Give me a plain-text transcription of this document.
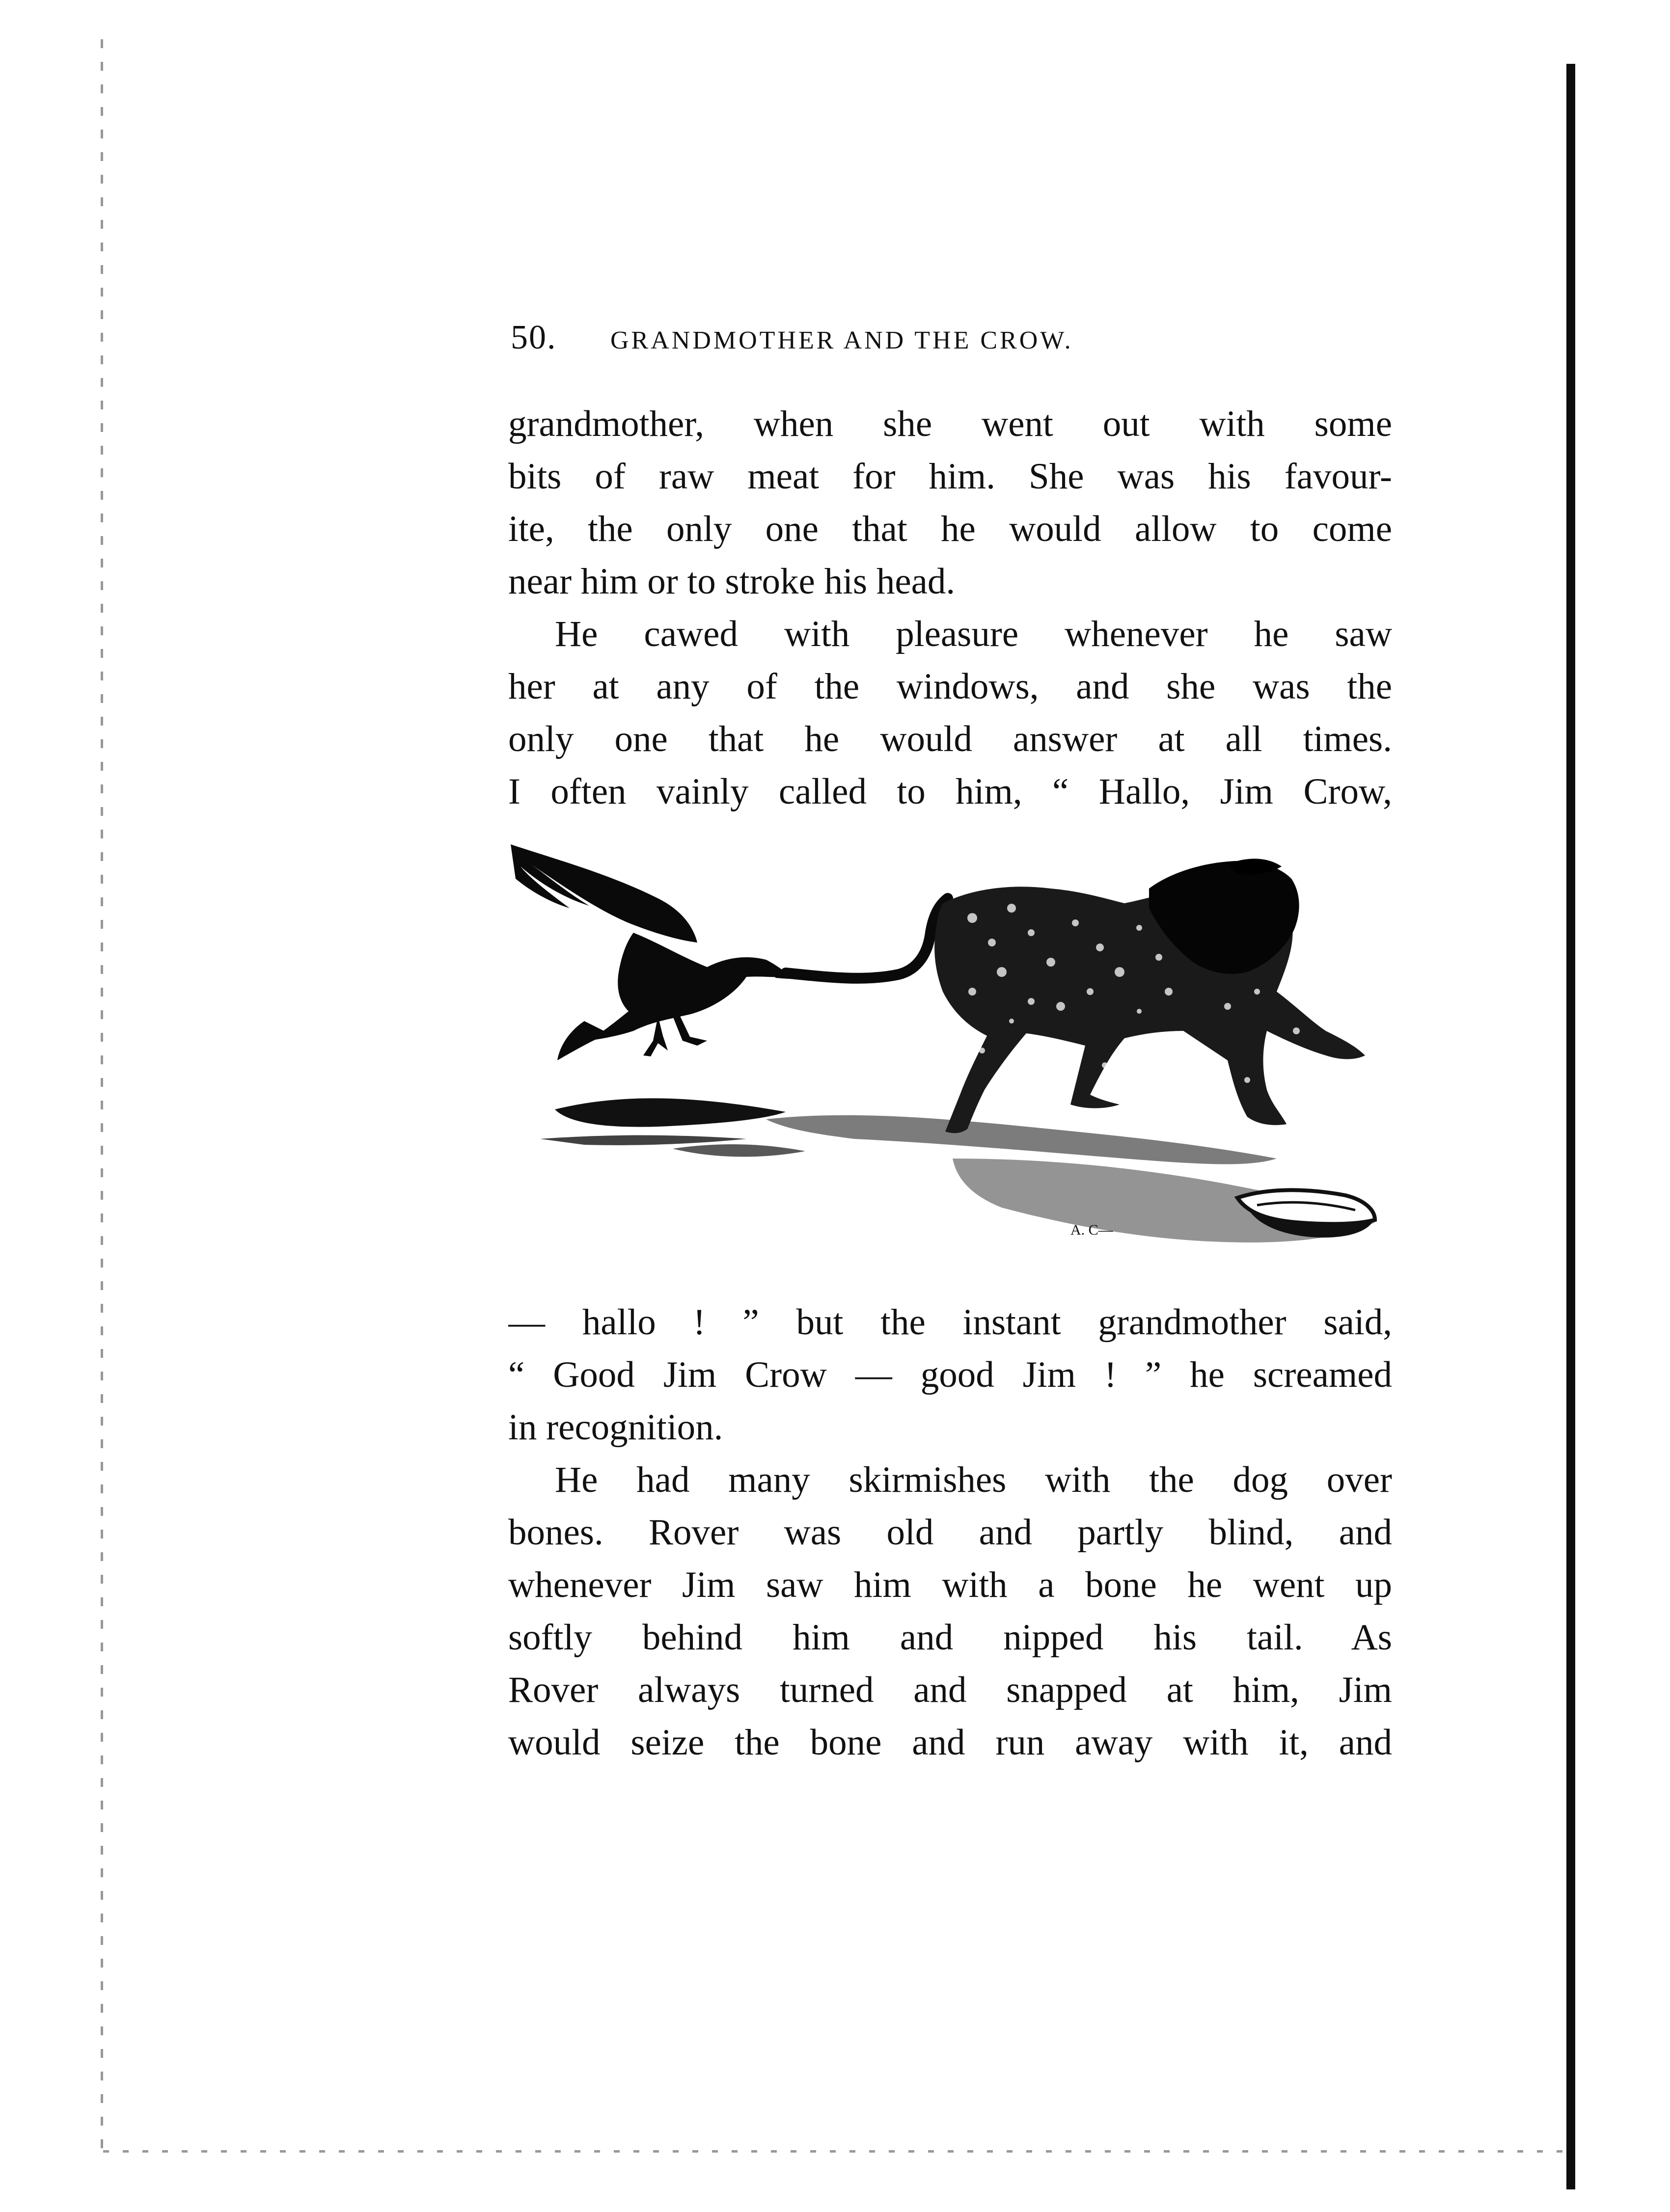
50. GRANDMOTHER AND THE CROW.
grandmother, when she went out with some
bits of raw meat for him. She was his favour-
ite, the only one that he would allow to come
near him or to stroke his head.
He cawed with pleasure whenever he saw
her at any of the windows, and she was the
only one that he would answer at all times.
I often vainly called to him, “ Hallo, Jim Crow,
A. C—
— hallo ! ” but the instant grandmother said,
“ Good Jim Crow — good Jim ! ” he screamed
in recognition.
He had many skirmishes with the dog over
bones. Rover was old and partly blind, and
whenever Jim saw him with a bone he went up
softly behind him and nipped his tail. As
Rover always turned and snapped at him, Jim
would seize the bone and run away with it, and
